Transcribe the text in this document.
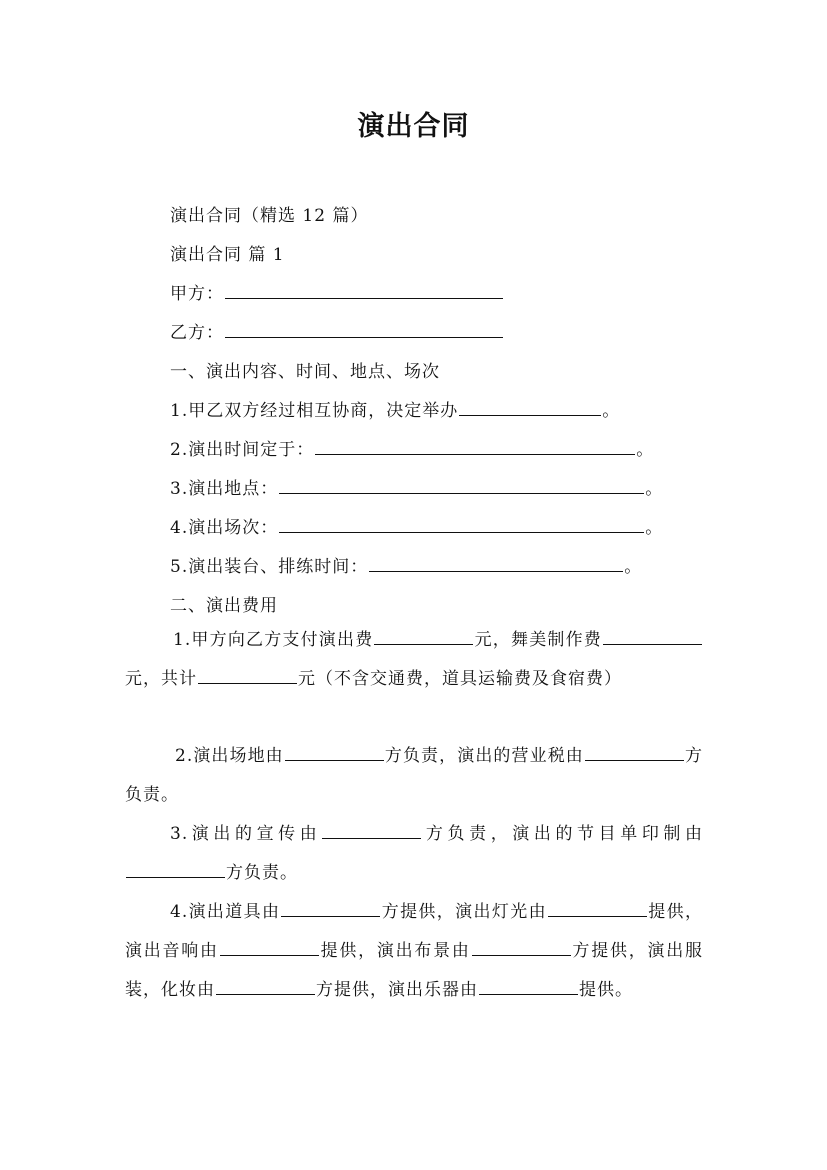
演出合同
演出合同（精选 12 篇）
演出合同 篇 1
甲方：
乙方：
一、演出内容、时间、地点、场次
1.甲乙双方经过相互协商，决定举办	。
2.演出时间定于：	。
3.演出地点：	。
4.演出场次：	。
5.演出装台、排练时间：	。
二、演出费用
1.甲方向乙方支付演出费	元，舞美制作费元，共计	元（不含交通费，道具运输费及食宿费）
2.演出场地由	方负责，演出的营业税由	方负责。
3.演出的宣传由	方负责，演出的节目单印制由方负责。
4.演出道具由	方提供，演出灯光由	提供，演出音响由	提供，演出布景由	方提供，演出服装，化妆由	方提供，演出乐器由	提供。
